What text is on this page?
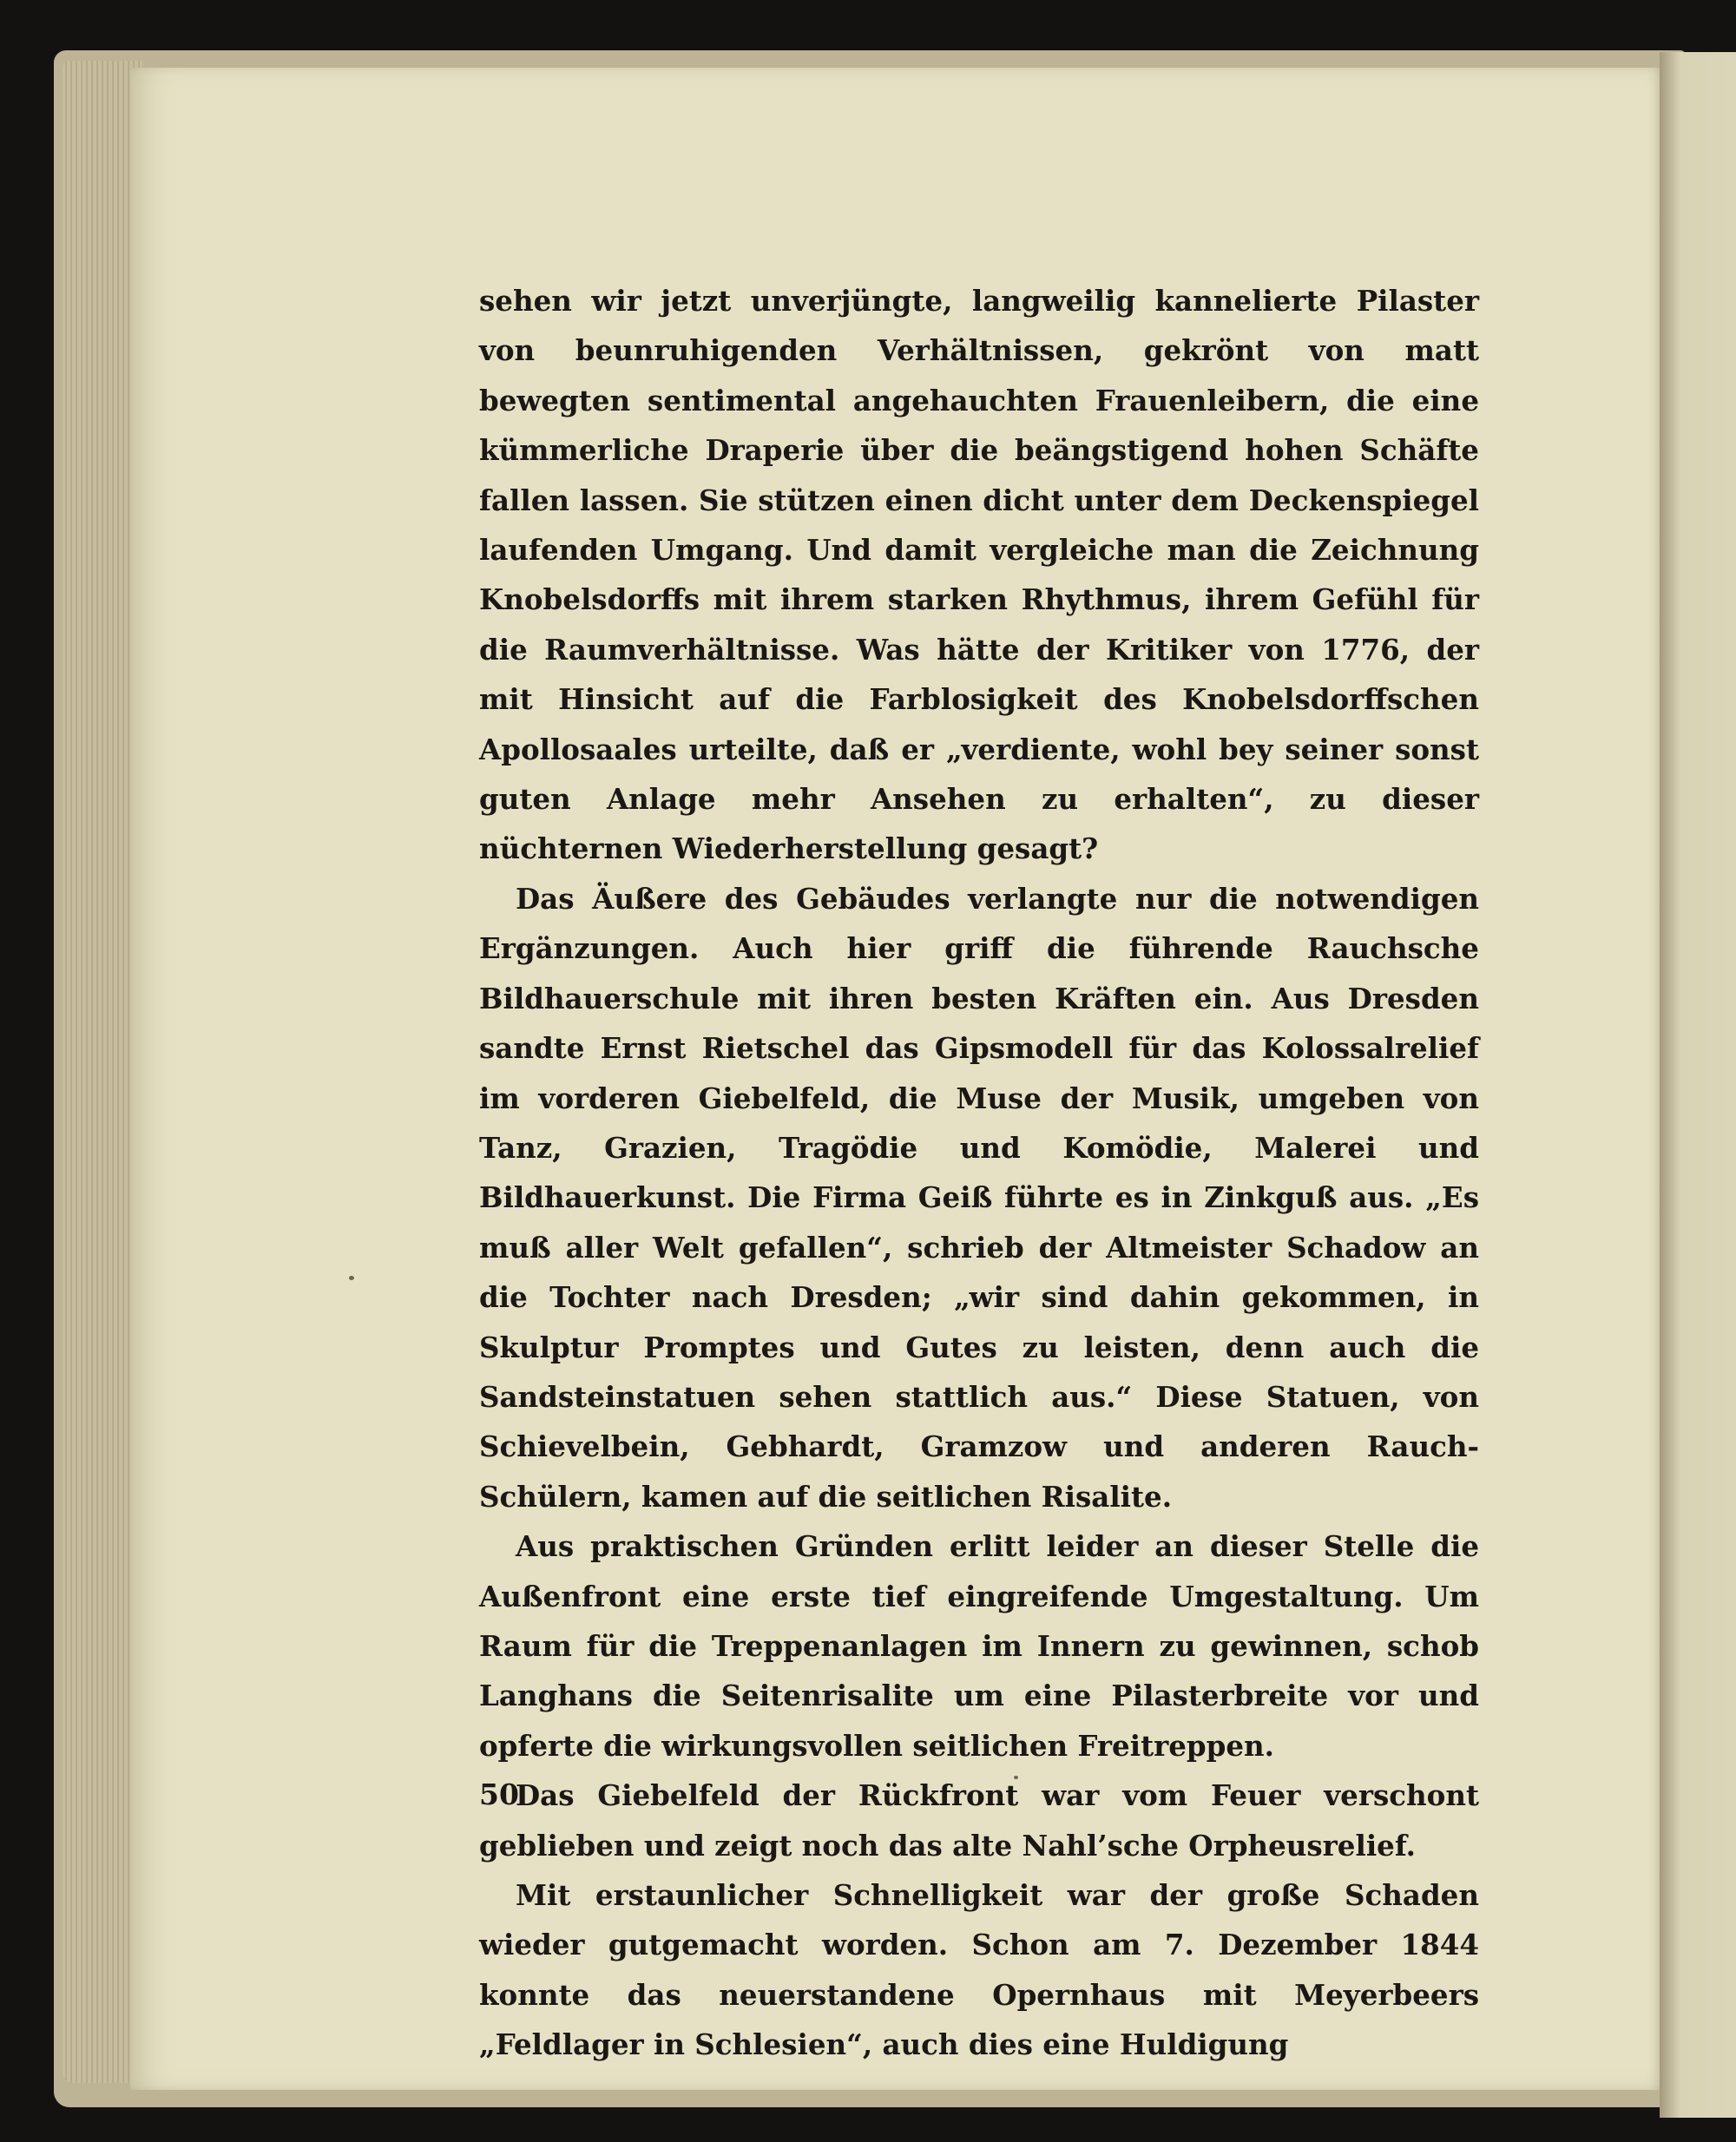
sehen wir jetzt unverjüngte, langweilig kannelierte Pilaster von beunruhigenden Verhältnissen, gekrönt von matt bewegten sentimental angehauchten Frauenleibern, die eine kümmerliche Draperie über die beängstigend hohen Schäfte fallen lassen. Sie stützen einen dicht unter dem Deckenspiegel laufenden Umgang. Und damit vergleiche man die Zeichnung Knobelsdorffs mit ihrem starken Rhythmus, ihrem Gefühl für die Raumverhältnisse. Was hätte der Kritiker von 1776, der mit Hinsicht auf die Farblosigkeit des Knobelsdorffschen Apollosaales urteilte, daß er „verdiente, wohl bey seiner sonst guten Anlage mehr Ansehen zu erhalten“, zu dieser nüchternen Wiederherstellung gesagt?

Das Äußere des Gebäudes verlangte nur die notwendigen Ergänzungen. Auch hier griff die führende Rauchsche Bildhauerschule mit ihren besten Kräften ein. Aus Dresden sandte Ernst Rietschel das Gipsmodell für das Kolossalrelief im vorderen Giebelfeld, die Muse der Musik, umgeben von Tanz, Grazien, Tragödie und Komödie, Malerei und Bildhauerkunst. Die Firma Geiß führte es in Zinkguß aus. „Es muß aller Welt gefallen“, schrieb der Altmeister Schadow an die Tochter nach Dresden; „wir sind dahin gekommen, in Skulptur Promptes und Gutes zu leisten, denn auch die Sandsteinstatuen sehen stattlich aus.“ Diese Statuen, von Schievelbein, Gebhardt, Gramzow und anderen Rauch-Schülern, kamen auf die seitlichen Risalite.

Aus praktischen Gründen erlitt leider an dieser Stelle die Außenfront eine erste tief eingreifende Umgestaltung. Um Raum für die Treppenanlagen im Innern zu gewinnen, schob Langhans die Seitenrisalite um eine Pilasterbreite vor und opferte die wirkungsvollen seitlichen Freitreppen.

Das Giebelfeld der Rückfront war vom Feuer verschont geblieben und zeigt noch das alte Nahl’sche Orpheusrelief.

Mit erstaunlicher Schnelligkeit war der große Schaden wieder gutgemacht worden. Schon am 7. Dezember 1844 konnte das neuerstandene Opernhaus mit Meyerbeers „Feldlager in Schlesien“, auch dies eine Huldigung

50
